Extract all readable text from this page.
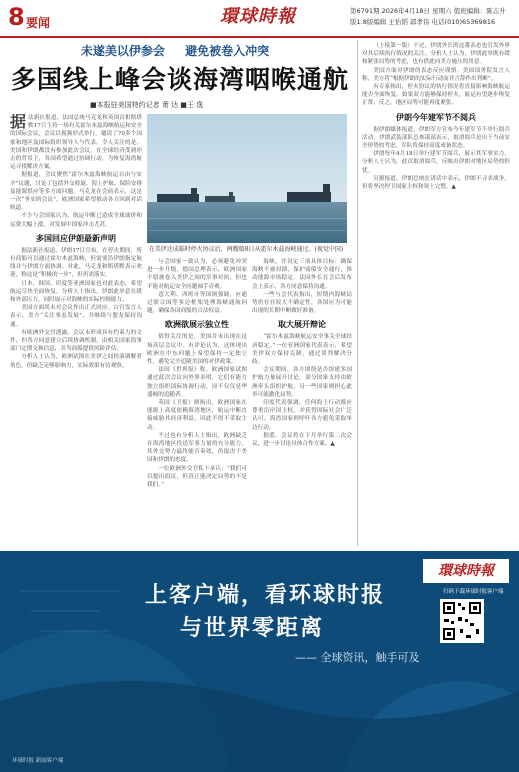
8 要闻	環球時報	第6791期 2026年4月18日 星期六 值班编辑：陈志升
版1.8版编辑 王怡韬 郭孝伟 电话(010)65369816
未遂美以伊参会 避免被卷入冲突
多国线上峰会谈海湾咽喉通航
■本报驻美国特约记者 萧 达 ■王 逸

据法新社报道，法国总统马克龙和英国首相斯塔默17日主持一场有关霍尔木兹海峡航运和安全的国际会议，会议以视频形式举行，邀请了70多个国家和地区及国际组织领导人与代表。令人关注的是，美国和伊朗都没有参加此次会议。在全球经济受到冲击的背景下，各国希望通过协调行动，为恢复海湾航运寻找解决方案。

据报道，会议聚焦“霍尔木兹海峡航运自由与安全”议题，讨论了包括外交斡旋、海上护航、保险安排及能源供应等多方面问题。马克龙在会前表示，这是一次“务实的会议”，欧洲国家希望推动各方回到对话轨道。

不少与会国家认为，航运中断已造成全球油价和运费大幅上涨，对发展中国家冲击尤甚。

多国回应伊朗最新声明

据法新社报道，伊朗17日宣布，在停火期间，所有商船可以通过霍尔木兹海峡，但需要沿伊朗指定航线并与伊朗方面协调。对此，马克龙和斯塔默表示欢迎，称这是“积极的一步”，但仍需落实。

日本、韩国、印度等亚洲国家也对此表态，希望航运尽快全面恢复。分析人士指出，伊朗此举意在缓和外部压力，同时展示对海峡的实际控制能力。

美国方面尚未对会议作出正式回应。白宫发言人表示，美方“关注事态发展”，并继续与盟友保持沟通。

有欧洲外交官透露，会议未形成具有约束力的文件，但各方同意建立后续协调机制，由相关国家海事部门定期交换信息，并为商船提供风险评估。

分析人士认为，欧洲试图在美伊之间扮演调解者角色，但缺乏足够影响力，实际效果有待观察。

在美伊达成临时停火协议后，两艘船8日从霍尔木兹海峡通过。(视觉中国)

与会国家一致认为，必须避免冲突进一步升级。德国总理表示，欧洲国家不愿被卷入美伊之间的军事对抗，但也不能对航运安全问题袖手旁观。

意大利、西班牙等国则强调，应通过联合国等多边框架处理海峡通航问题，确保各国商船的合法权益。

欧洲欲展示独立性

值得关注的是，美国并未出现在这场高层会议中。有评论认为，这体现出欧洲在中东问题上希望保持一定独立性，避免完全追随美国的对伊政策。

法国《世界报》称，欧洲国家试图通过此次会议向外界表明，它们有能力独立组织国际协调行动，而不仅仅是华盛顿的追随者。

英国《卫报》则指出，欧洲国家在能源上高度依赖海湾地区，航运中断直接威胁其经济利益，因此不得不采取主动。

不过也有分析人士指出，欧洲缺乏在海湾地区投送军事力量的充分能力，其外交努力最终能否奏效，仍取决于美国和伊朗的态度。

一位欧洲外交官私下承认：“我们可以提出倡议，但真正能决定局势的不是我们。”

海峡，并设定三项具体目标：确保海峡不被封锁、保护商船安全通行、推动能源市场稳定。法国外长在会后发布会上表示，各方同意保持沟通。

一些与会代表指出，短期内海峡局势仍存在较大不确定性，各国应为可能出现的长期中断做好准备。

取大展开辩论

“霍尔木兹海峡航运安全事关全球经济稳定。”一位亚洲国家代表表示，希望美伊双方保持克制，通过谈判解决分歧。

会议期间，各方围绕是否组建多国护航力量展开讨论。部分国家支持由欧洲牵头组织护航，另一些国家则担心此举可能激化局势。

印度代表强调，任何海上行动都应尊重沿岸国主权，并获得国际社会广泛认可。海湾国家则呼吁各方避免采取单边行动。

据悉，会议将在下月举行第二次会议，进一步讨论具体合作方案。▲

（上接第一版）不过，伊朗外长的这番表态也引发外界对其后续执行情况的关注。分析人士认为，伊朗此举既有缓和紧张局势的考虑，也有借此向美方施压的用意。

美国方面对伊朗的表态反应谨慎。美国国务院发言人称，美方将“根据伊朗的实际行动而非言辞作出判断”。

有专家指出，停火协议的执行情况将直接影响海峡航运能否全面恢复。如果双方能够保持停火，航运有望逐步恢复正常；反之，地区局势可能再度紧张。

伊朗今年建军节不阅兵

据伊朗媒体报道，伊朗军方宣布今年建军节不举行阅兵活动。伊朗武装部队总参谋部表示，取消阅兵是出于当前安全形势的考虑，军队将保持高度戒备状态。

伊朗每年4月18日举行建军节阅兵，展示其军事实力。分析人士认为，此次取消阅兵，反映出伊朗对地区局势的担忧。

另据报道，伊朗总统在讲话中表示，伊朗不寻求战争，但将坚决捍卫国家主权和领土完整。▲

上客户端，看环球时报
与世界零距离
—— 全球资讯，触手可及
環球時報
扫码下载环球时报客户端
环球时报 新闻客户端
